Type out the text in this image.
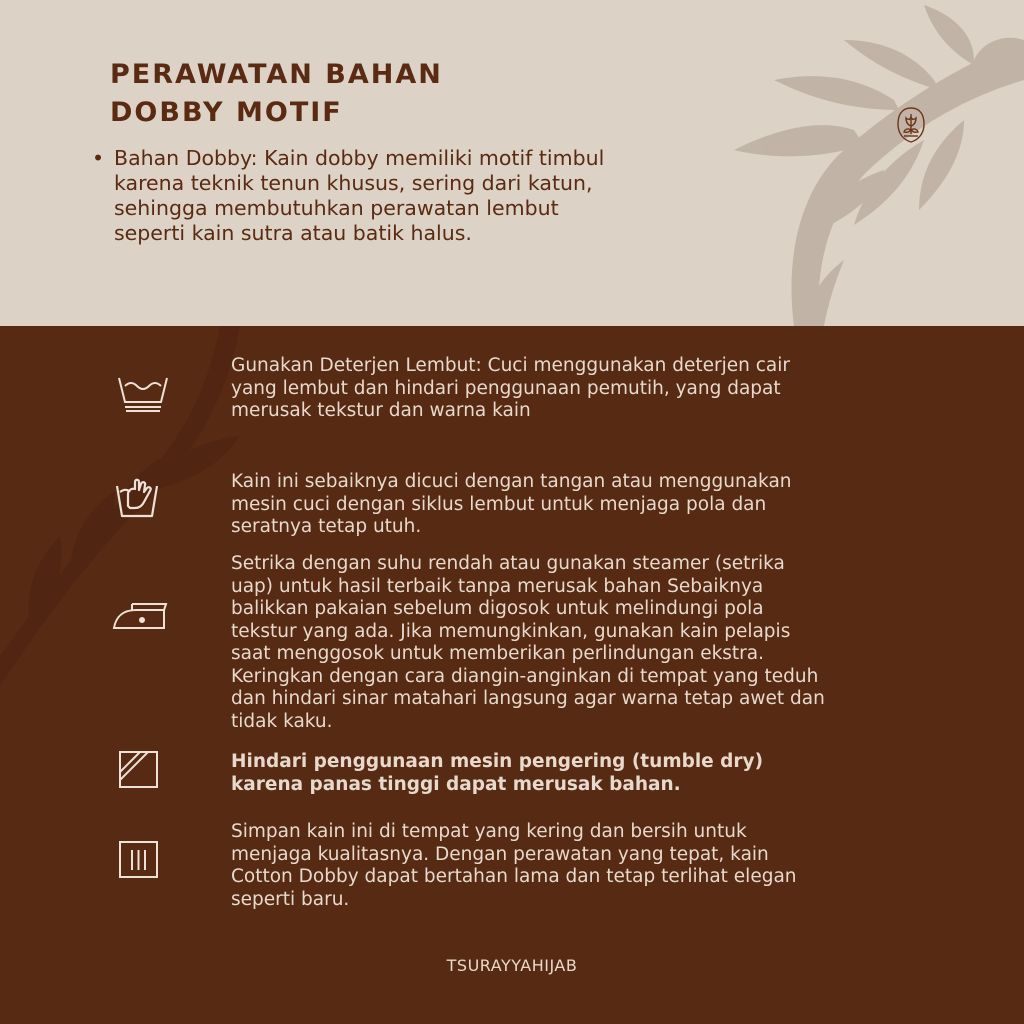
PERAWATAN BAHAN
DOBBY MOTIF
• Bahan Dobby: Kain dobby memiliki motif timbul karena teknik tenun khusus, sering dari katun, sehingga membutuhkan perawatan lembut seperti kain sutra atau batik halus.
Gunakan Deterjen Lembut: Cuci menggunakan deterjen cair yang lembut dan hindari penggunaan pemutih, yang dapat merusak tekstur dan warna kain
Kain ini sebaiknya dicuci dengan tangan atau menggunakan mesin cuci dengan siklus lembut untuk menjaga pola dan seratnya tetap utuh.
Setrika dengan suhu rendah atau gunakan steamer (setrika uap) untuk hasil terbaik tanpa merusak bahan Sebaiknya balikkan pakaian sebelum digosok untuk melindungi pola tekstur yang ada. Jika memungkinkan, gunakan kain pelapis saat menggosok untuk memberikan perlindungan ekstra. Keringkan dengan cara diangin-anginkan di tempat yang teduh dan hindari sinar matahari langsung agar warna tetap awet dan tidak kaku.
Hindari penggunaan mesin pengering (tumble dry) karena panas tinggi dapat merusak bahan.
Simpan kain ini di tempat yang kering dan bersih untuk menjaga kualitasnya. Dengan perawatan yang tepat, kain Cotton Dobby dapat bertahan lama dan tetap terlihat elegan seperti baru.
TSURAYYAHIJAB
